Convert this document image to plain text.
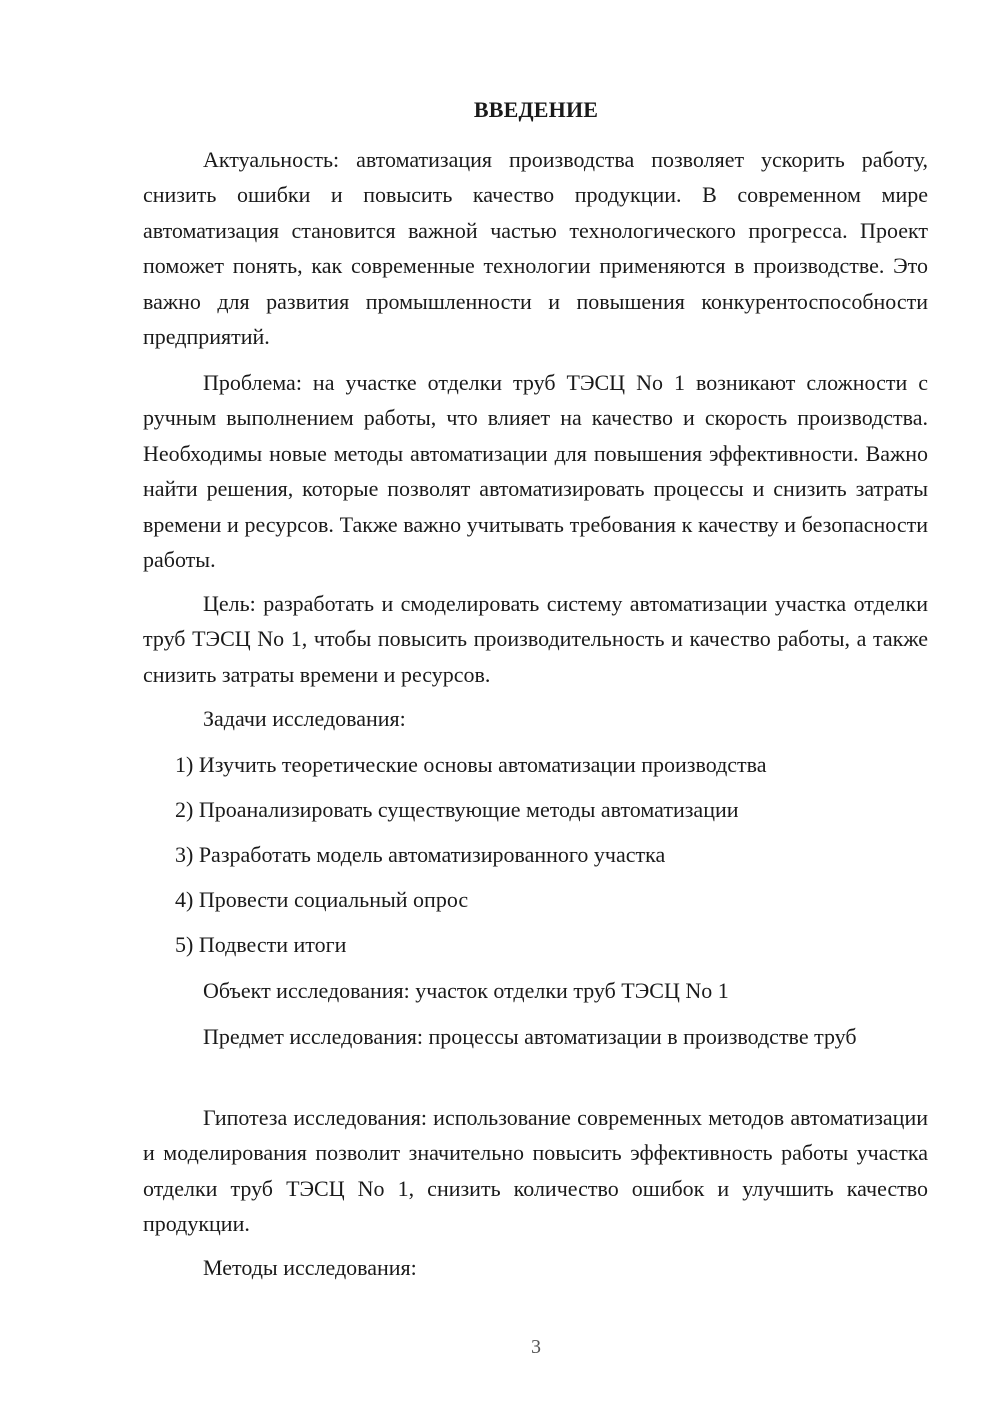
ВВЕДЕНИЕ

Актуальность: автоматизация производства позволяет ускорить работу, снизить ошибки и повысить качество продукции. В современном мире автоматизация становится важной частью технологического прогресса. Проект поможет понять, как современные технологии применяются в производстве. Это важно для развития промышленности и повышения конкурентоспособности предприятий.

Проблема: на участке отделки труб ТЭСЦ No 1 возникают сложности с ручным выполнением работы, что влияет на качество и скорость производства. Необходимы новые методы автоматизации для повышения эффективности. Важно найти решения, которые позволят автоматизировать процессы и снизить затраты времени и ресурсов. Также важно учитывать требования к качеству и безопасности работы.

Цель: разработать и смоделировать систему автоматизации участка отделки труб ТЭСЦ No 1, чтобы повысить производительность и качество работы, а также снизить затраты времени и ресурсов.

Задачи исследования:
1) Изучить теоретические основы автоматизации производства
2) Проанализировать существующие методы автоматизации
3) Разработать модель автоматизированного участка
4) Провести социальный опрос
5) Подвести итоги
Объект исследования: участок отделки труб ТЭСЦ No 1

Предмет исследования: процессы автоматизации в производстве труб

Гипотеза исследования: использование современных методов автоматизации и моделирования позволит значительно повысить эффективность работы участка отделки труб ТЭСЦ No 1, снизить количество ошибок и улучшить качество продукции.

Методы исследования:
3
